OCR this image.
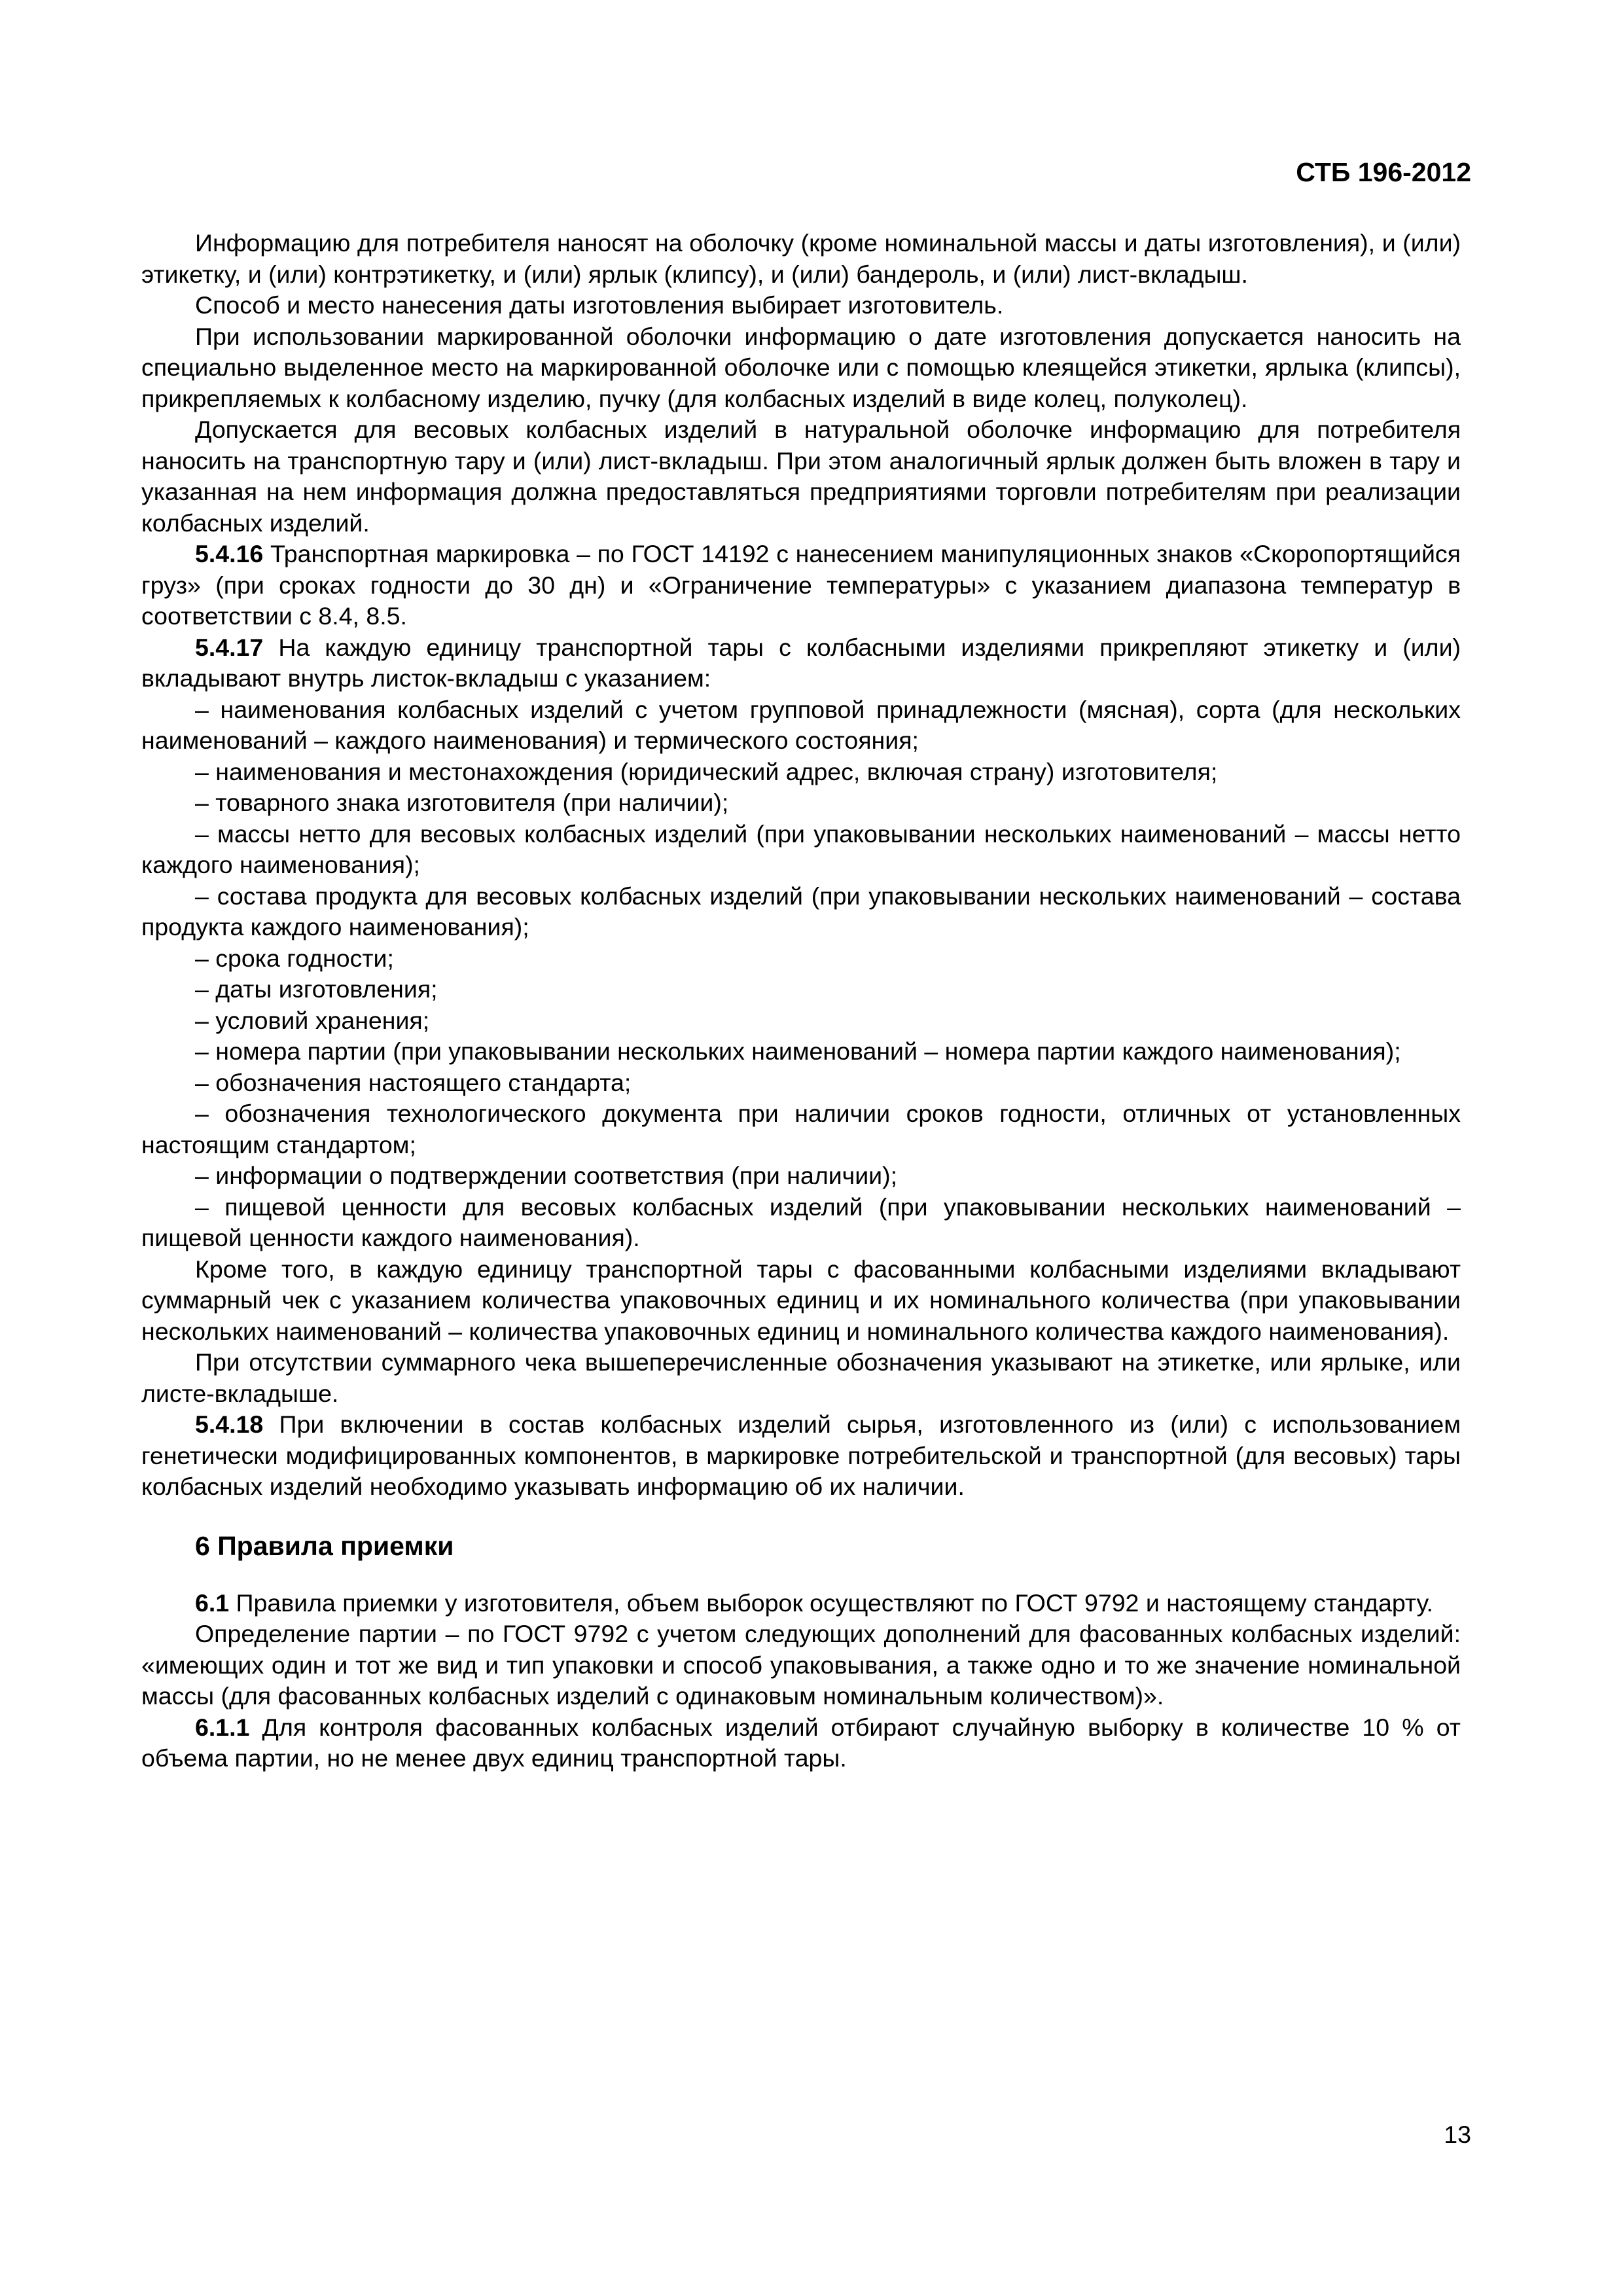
СТБ 196-2012

Информацию для потребителя наносят на оболочку (кроме номинальной массы и даты изготовления), и (или) этикетку, и (или) контрэтикетку, и (или) ярлык (клипсу), и (или) бандероль, и (или) лист-вкладыш.

Способ и место нанесения даты изготовления выбирает изготовитель.

При использовании маркированной оболочки информацию о дате изготовления допускается наносить на специально выделенное место на маркированной оболочке или с помощью клеящейся этикетки, ярлыка (клипсы), прикрепляемых к колбасному изделию, пучку (для колбасных изделий в виде колец, полуколец).

Допускается для весовых колбасных изделий в натуральной оболочке информацию для потребителя наносить на транспортную тару и (или) лист-вкладыш. При этом аналогичный ярлык должен быть вложен в тару и указанная на нем информация должна предоставляться предприятиями торговли потребителям при реализации колбасных изделий.

5.4.16 Транспортная маркировка – по ГОСТ 14192 с нанесением манипуляционных знаков «Скоропортящийся груз» (при сроках годности до 30 дн) и «Ограничение температуры» с указанием диапазона температур в соответствии с 8.4, 8.5.

5.4.17 На каждую единицу транспортной тары с колбасными изделиями прикрепляют этикетку и (или) вкладывают внутрь листок-вкладыш с указанием:

– наименования колбасных изделий с учетом групповой принадлежности (мясная), сорта (для нескольких наименований – каждого наименования) и термического состояния;

– наименования и местонахождения (юридический адрес, включая страну) изготовителя;

– товарного знака изготовителя (при наличии);

– массы нетто для весовых колбасных изделий (при упаковывании нескольких наименований – массы нетто каждого наименования);

– состава продукта для весовых колбасных изделий (при упаковывании нескольких наименований – состава продукта каждого наименования);

– срока годности;

– даты изготовления;

– условий хранения;

– номера партии (при упаковывании нескольких наименований – номера партии каждого наименования);

– обозначения настоящего стандарта;

– обозначения технологического документа при наличии сроков годности, отличных от установленных настоящим стандартом;

– информации о подтверждении соответствия (при наличии);

– пищевой ценности для весовых колбасных изделий (при упаковывании нескольких наименований – пищевой ценности каждого наименования).

Кроме того, в каждую единицу транспортной тары с фасованными колбасными изделиями вкладывают суммарный чек с указанием количества упаковочных единиц и их номинального количества (при упаковывании нескольких наименований – количества упаковочных единиц и номинального количества каждого наименования).

При отсутствии суммарного чека вышеперечисленные обозначения указывают на этикетке, или ярлыке, или листе-вкладыше.

5.4.18 При включении в состав колбасных изделий сырья, изготовленного из (или) с использованием генетически модифицированных компонентов, в маркировке потребительской и транспортной (для весовых) тары колбасных изделий необходимо указывать информацию об их наличии.

6 Правила приемки

6.1 Правила приемки у изготовителя, объем выборок осуществляют по ГОСТ 9792 и настоящему стандарту.

Определение партии – по ГОСТ 9792 с учетом следующих дополнений для фасованных колбасных изделий: «имеющих один и тот же вид и тип упаковки и способ упаковывания, а также одно и то же значение номинальной массы (для фасованных колбасных изделий с одинаковым номинальным количеством)».

6.1.1 Для контроля фасованных колбасных изделий отбирают случайную выборку в количестве 10 % от объема партии, но не менее двух единиц транспортной тары.

13
